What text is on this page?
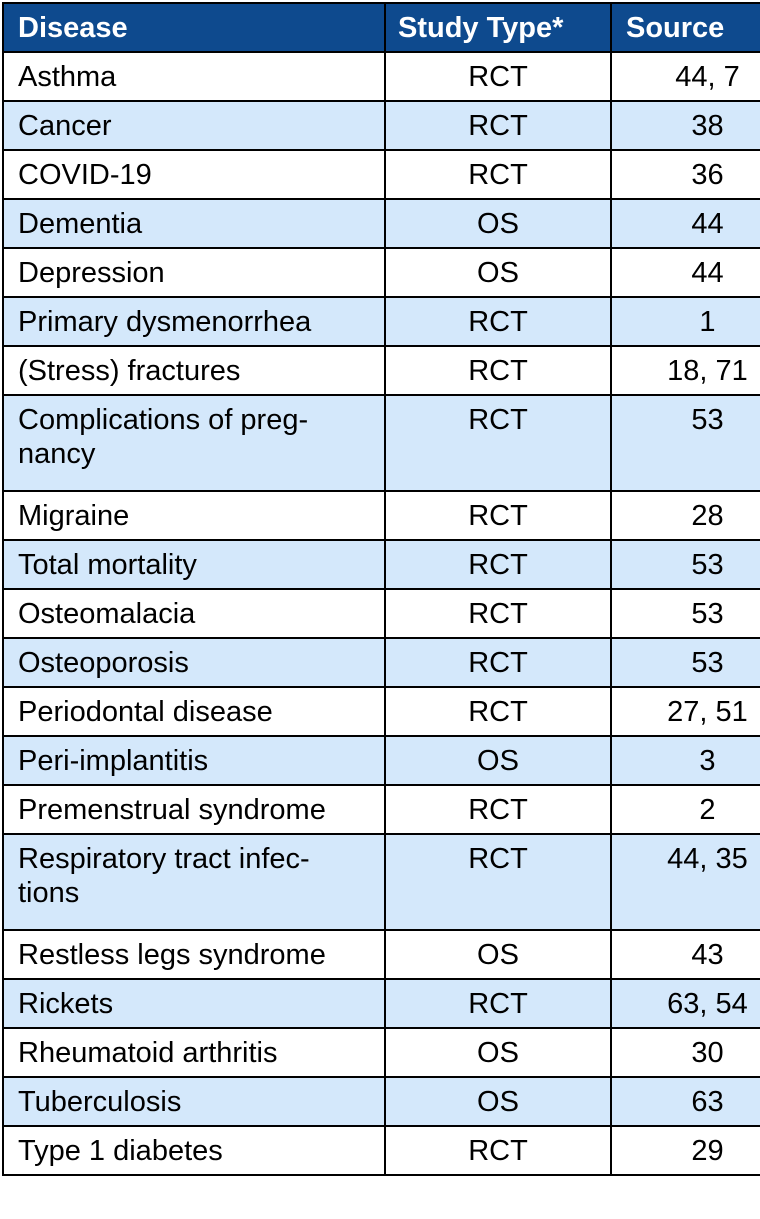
Disease	Study Type*	Source
Asthma	RCT	44, 7
Cancer	RCT	38
COVID-19	RCT	36
Dementia	OS	44
Depression	OS	44
Primary dysmenorrhea	RCT	1
(Stress) fractures	RCT	18, 71
Complications of preg-
nancy	RCT	53
Migraine	RCT	28
Total mortality	RCT	53
Osteomalacia	RCT	53
Osteoporosis	RCT	53
Periodontal disease	RCT	27, 51
Peri-implantitis	OS	3
Premenstrual syndrome	RCT	2
Respiratory tract infec-
tions	RCT	44, 35
Restless legs syndrome	OS	43
Rickets	RCT	63, 54
Rheumatoid arthritis	OS	30
Tuberculosis	OS	63
Type 1 diabetes	RCT	29
